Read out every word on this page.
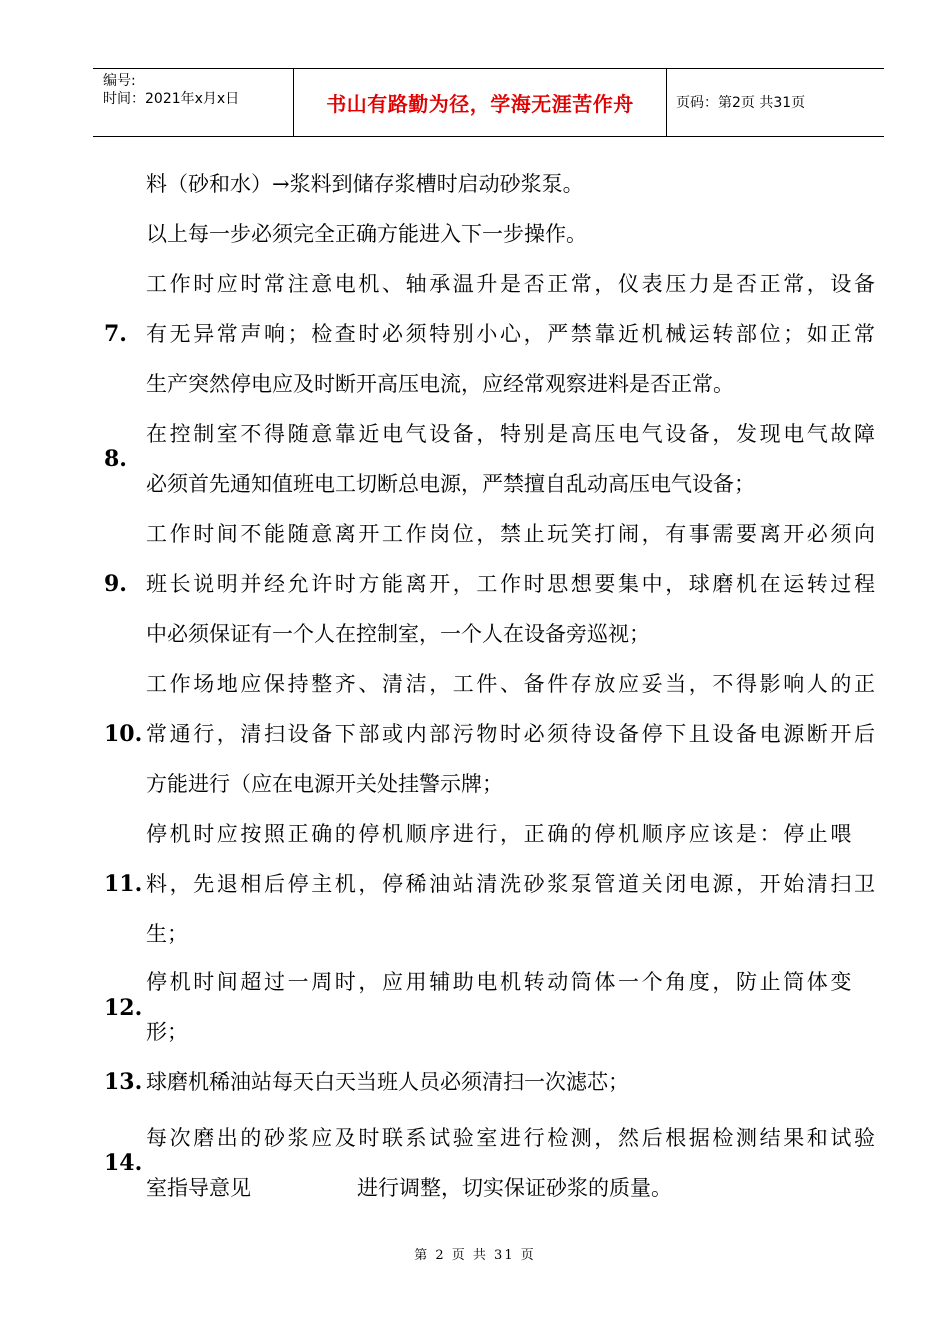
编号:
时间：2021年x月x日	书山有路勤为径，学海无涯苦作舟	页码：第2页 共31页
料（砂和水）→浆料到储存浆槽时启动砂浆泵。
以上每一步必须完全正确方能进入下一步操作。
工作时应时常注意电机、轴承温升是否正常，仪表压力是否正常，设备
7. 有无异常声响；检查时必须特别小心，严禁靠近机械运转部位；如正常
生产突然停电应及时断开高压电流，应经常观察进料是否正常。
在控制室不得随意靠近电气设备，特别是高压电气设备，发现电气故障
8.
必须首先通知值班电工切断总电源，严禁擅自乱动高压电气设备；
工作时间不能随意离开工作岗位，禁止玩笑打闹，有事需要离开必须向
9. 班长说明并经允许时方能离开，工作时思想要集中，球磨机在运转过程
中必须保证有一个人在控制室，一个人在设备旁巡视；
工作场地应保持整齐、清洁，工件、备件存放应妥当，不得影响人的正
10. 常通行，清扫设备下部或内部污物时必须待设备停下且设备电源断开后
方能进行（应在电源开关处挂警示牌；
停机时应按照正确的停机顺序进行，正确的停机顺序应该是：停止喂
11. 料，先退相后停主机，停稀油站清洗砂浆泵管道关闭电源，开始清扫卫
生；
停机时间超过一周时，应用辅助电机转动筒体一个角度，防止筒体变
12.
形；
13. 球磨机稀油站每天白天当班人员必须清扫一次滤芯；
每次磨出的砂浆应及时联系试验室进行检测，然后根据检测结果和试验
14.
室指导意见	进行调整，切实保证砂浆的质量。
第 2 页 共 31 页
